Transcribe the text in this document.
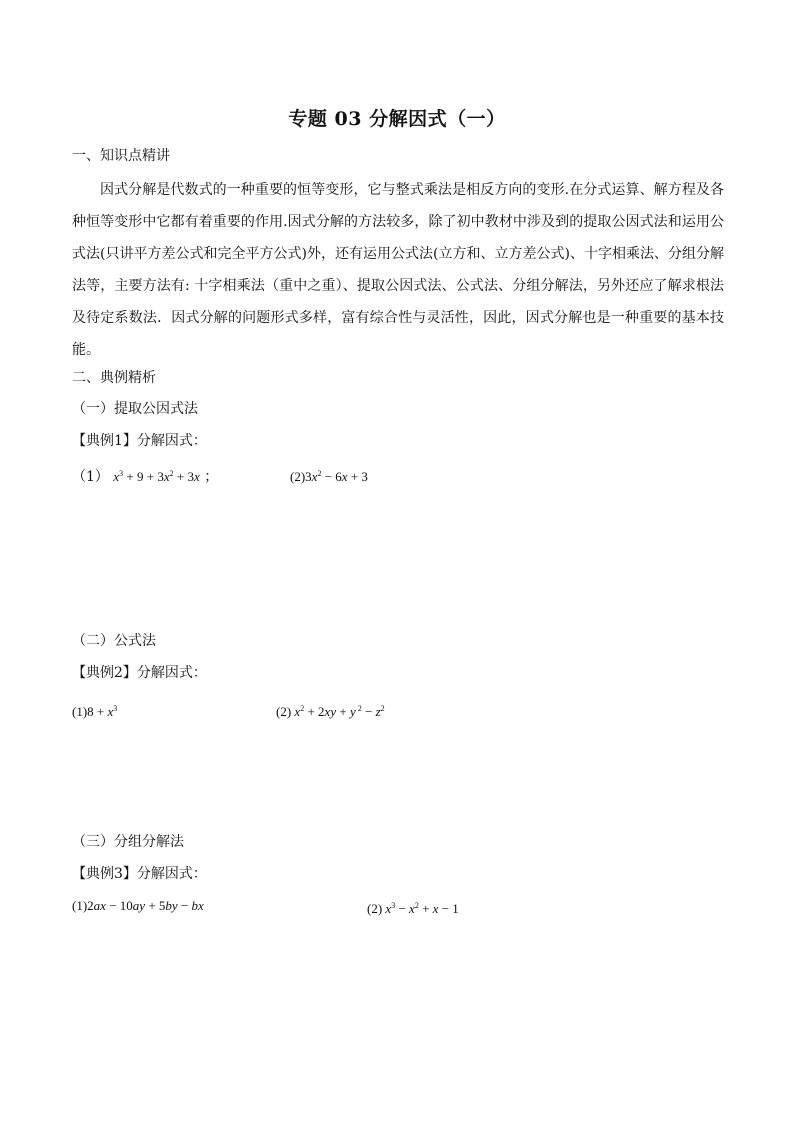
专题 03 分解因式（一）
一、知识点精讲
因式分解是代数式的一种重要的恒等变形，它与整式乘法是相反方向的变形.在分式运算、解方程及各种恒等变形中它都有着重要的作用.因式分解的方法较多，除了初中教材中涉及到的提取公因式法和运用公式法(只讲平方差公式和完全平方公式)外，还有运用公式法(立方和、立方差公式)、十字相乘法、分组分解法等，主要方法有: 十字相乘法（重中之重）、提取公因式法、公式法、分组分解法，另外还应了解求根法及待定系数法．因式分解的问题形式多样，富有综合性与灵活性，因此，因式分解也是一种重要的基本技能。
二、典例精析
（一）提取公因式法
【典例1】分解因式：
（1） $x^3 + 9 + 3x^2 + 3x$ ；	$(2)3x^2 - 6x + 3$
（二）公式法
【典例2】分解因式：
$(1)8 + x^3$	(2) $x^2 + 2xy + y$ $^2 - z^2$
（三）分组分解法
【典例3】分解因式：
(1)2ax − 10ay + 5by − bx	(2) $x^3 - x^2 + x - 1$
